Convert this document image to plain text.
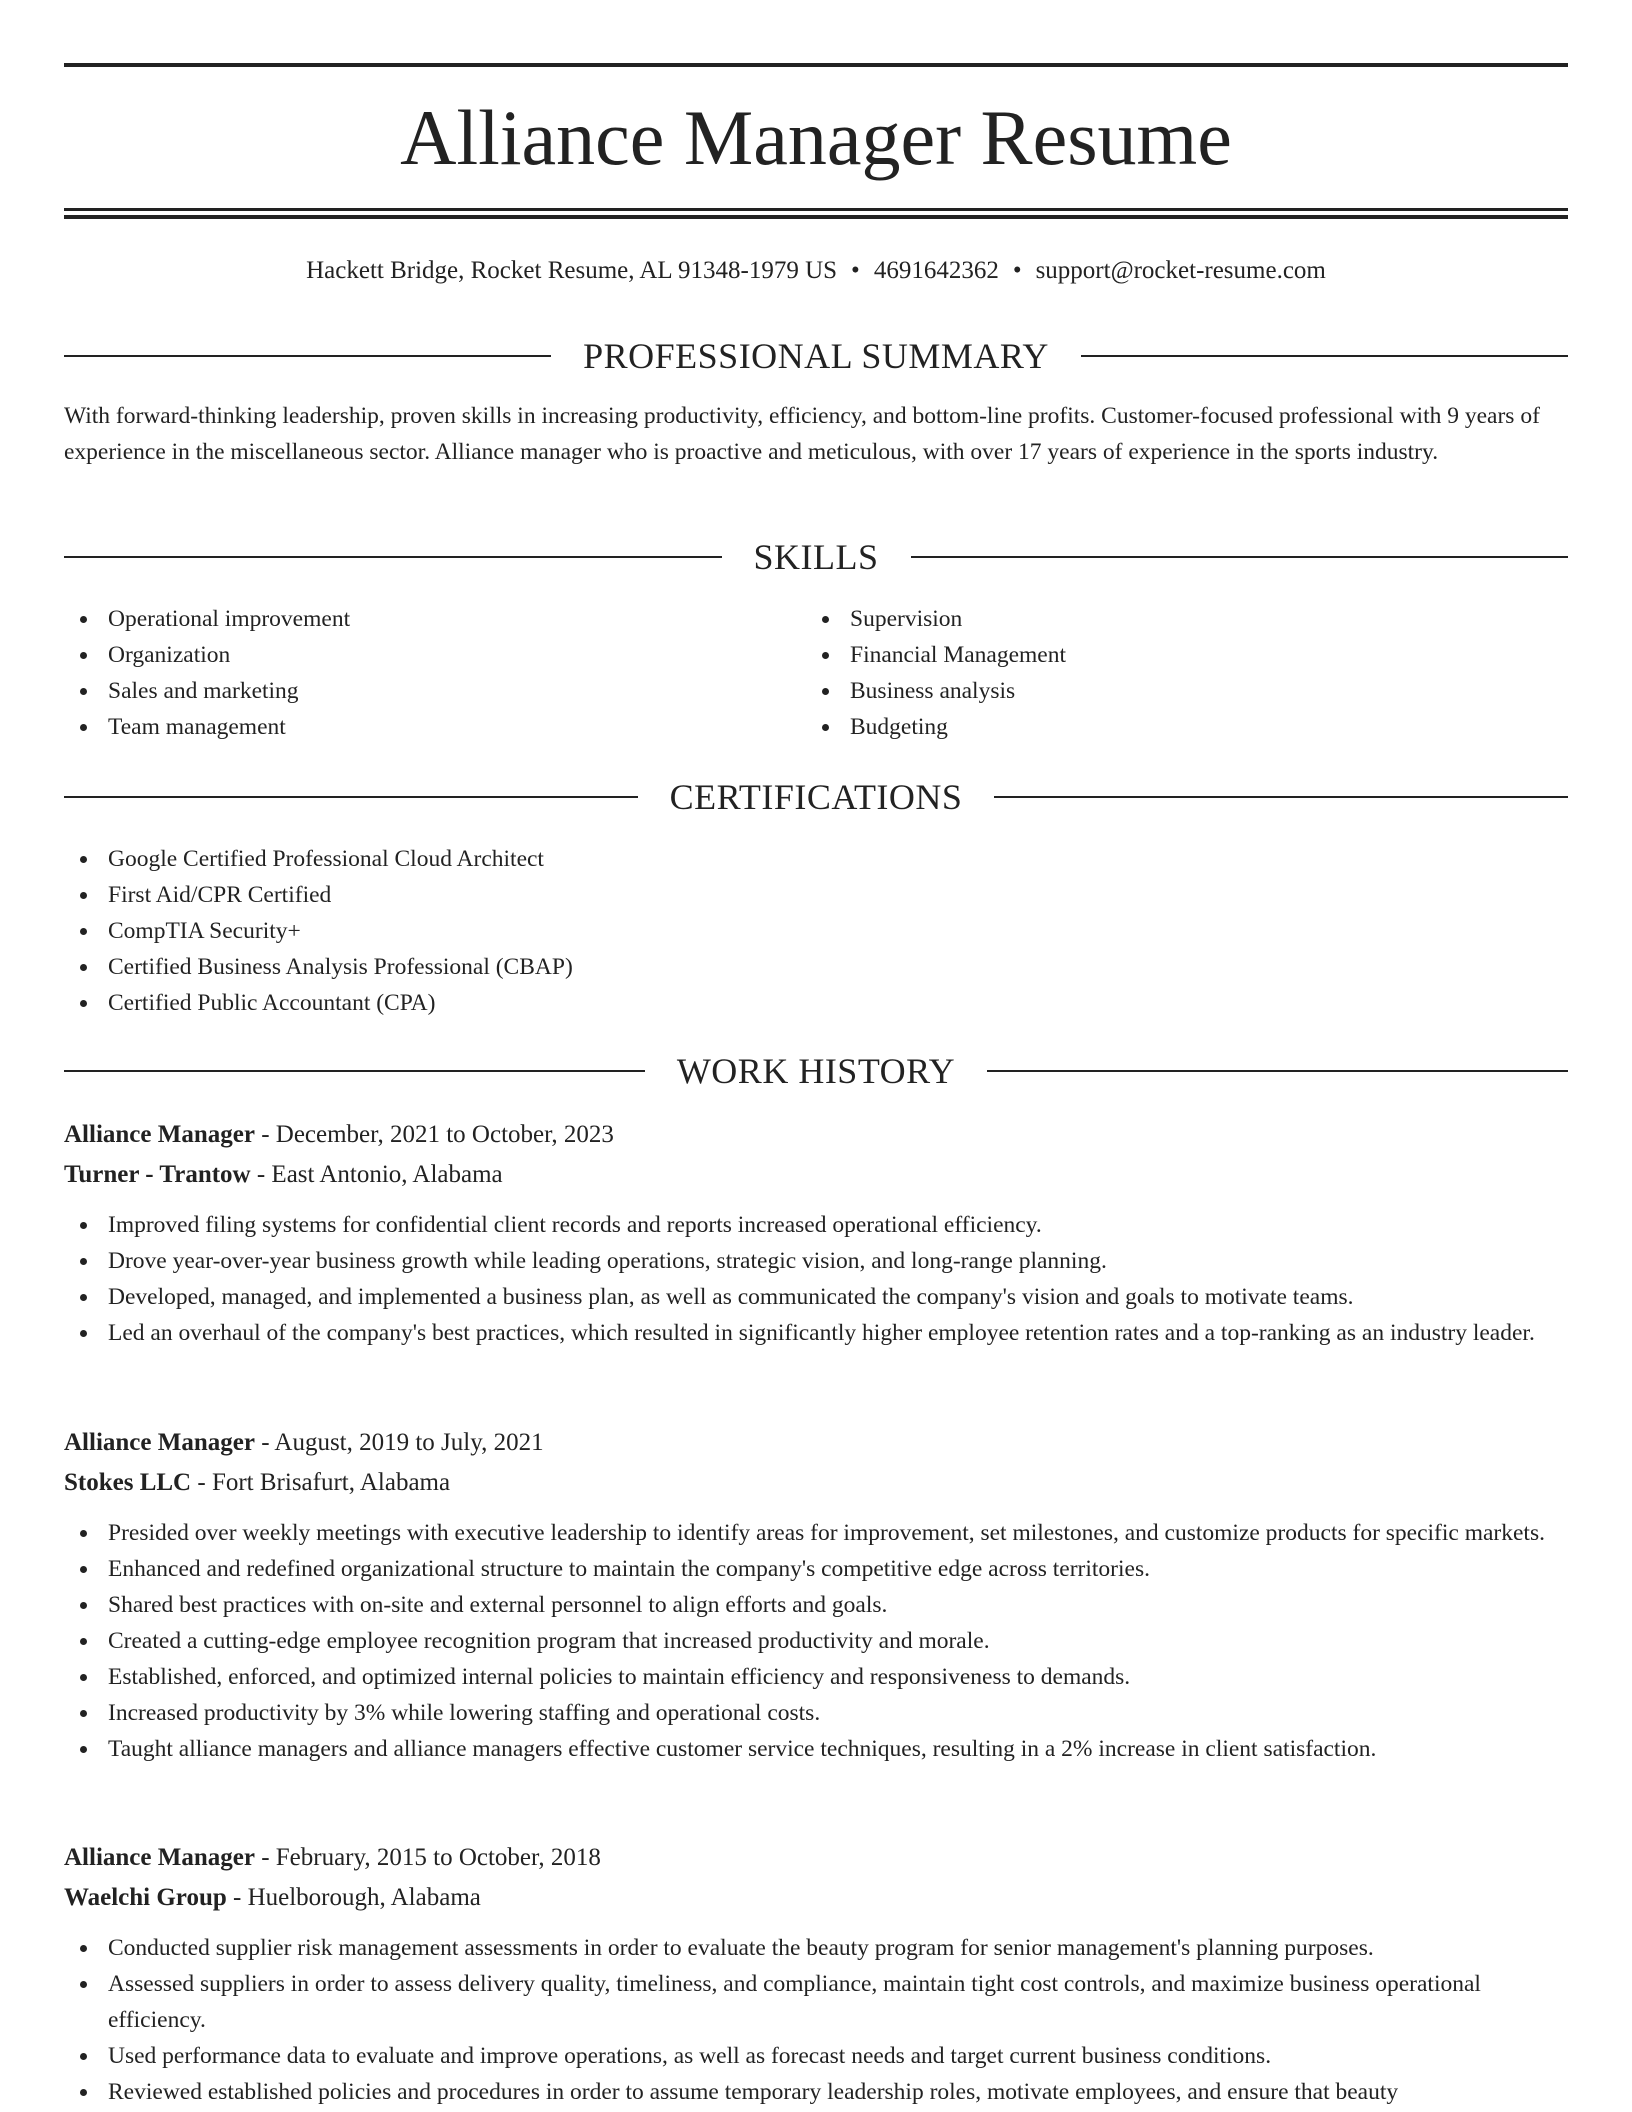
Alliance Manager Resume
Hackett Bridge, Rocket Resume, AL 91348-1979 US • 4691642362 • support@rocket-resume.com
PROFESSIONAL SUMMARY

With forward-thinking leadership, proven skills in increasing productivity, efficiency, and bottom-line profits. Customer-focused professional with 9 years of experience in the miscellaneous sector. Alliance manager who is proactive and meticulous, with over 17 years of experience in the sports industry.

SKILLS
Operational improvement
Organization
Sales and marketing
Team management
Supervision
Financial Management
Business analysis
Budgeting
CERTIFICATIONS
Google Certified Professional Cloud Architect
First Aid/CPR Certified
CompTIA Security+
Certified Business Analysis Professional (CBAP)
Certified Public Accountant (CPA)
WORK HISTORY
Alliance Manager - December, 2021 to October, 2023
Turner - Trantow - East Antonio, Alabama
Improved filing systems for confidential client records and reports increased operational efficiency.
Drove year-over-year business growth while leading operations, strategic vision, and long-range planning.
Developed, managed, and implemented a business plan, as well as communicated the company's vision and goals to motivate teams.
Led an overhaul of the company's best practices, which resulted in significantly higher employee retention rates and a top-ranking as an industry leader.
Alliance Manager - August, 2019 to July, 2021
Stokes LLC - Fort Brisafurt, Alabama
Presided over weekly meetings with executive leadership to identify areas for improvement, set milestones, and customize products for specific markets.
Enhanced and redefined organizational structure to maintain the company's competitive edge across territories.
Shared best practices with on-site and external personnel to align efforts and goals.
Created a cutting-edge employee recognition program that increased productivity and morale.
Established, enforced, and optimized internal policies to maintain efficiency and responsiveness to demands.
Increased productivity by 3% while lowering staffing and operational costs.
Taught alliance managers and alliance managers effective customer service techniques, resulting in a 2% increase in client satisfaction.
Alliance Manager - February, 2015 to October, 2018
Waelchi Group - Huelborough, Alabama
Conducted supplier risk management assessments in order to evaluate the beauty program for senior management's planning purposes.
Assessed suppliers in order to assess delivery quality, timeliness, and compliance, maintain tight cost controls, and maximize business operational efficiency.
Used performance data to evaluate and improve operations, as well as forecast needs and target current business conditions.
Reviewed established policies and procedures in order to assume temporary leadership roles, motivate employees, and ensure that beauty
